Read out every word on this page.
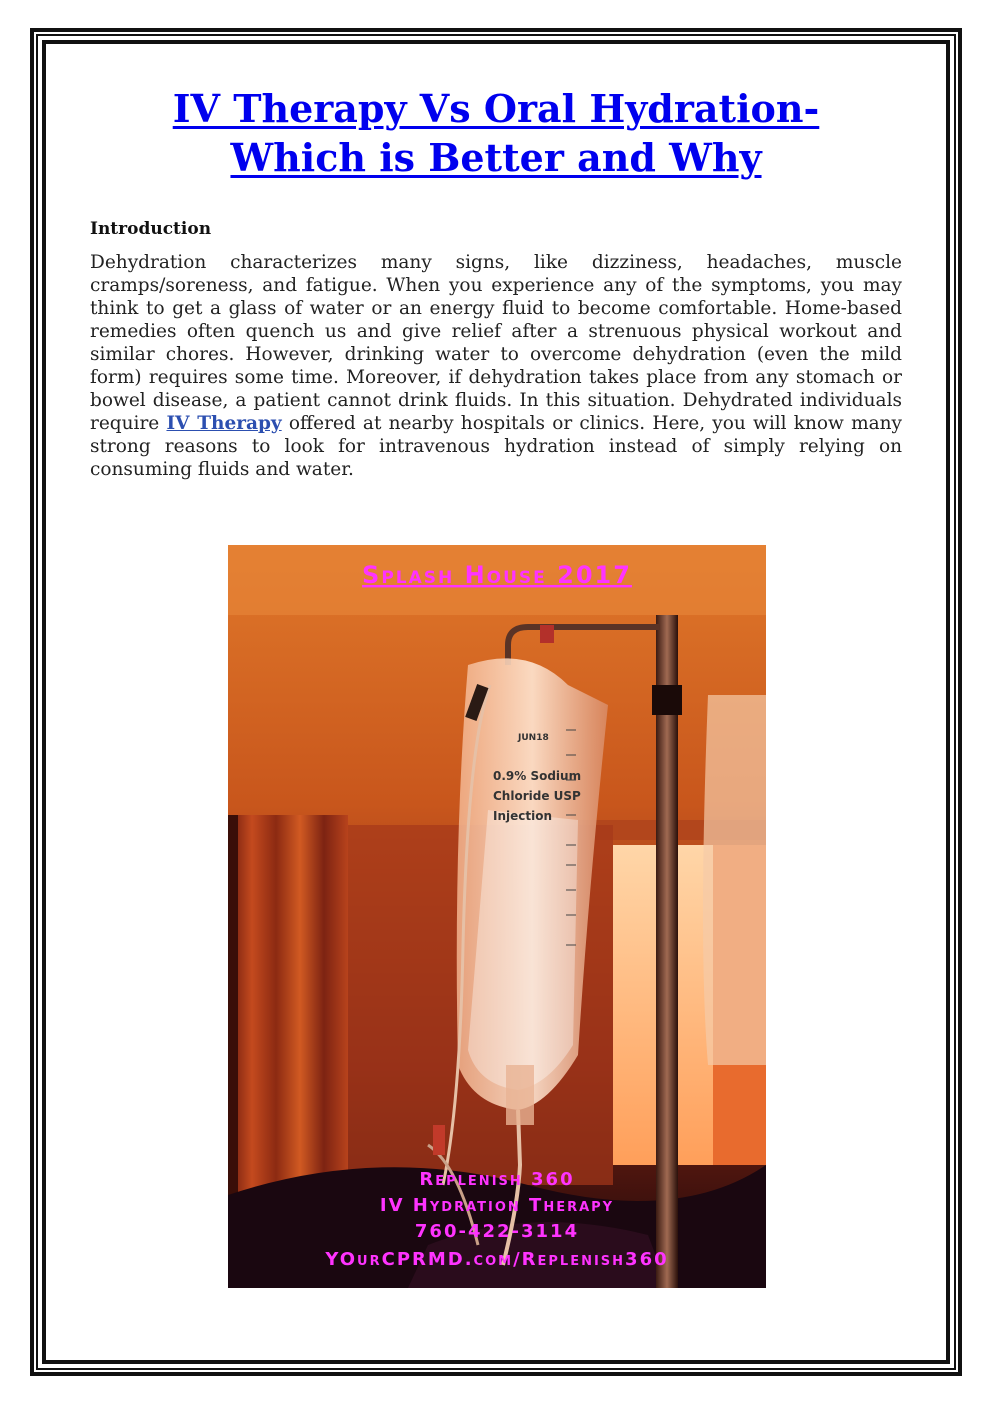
IV Therapy Vs Oral Hydration-
Which is Better and Why
Introduction

Dehydration characterizes many signs, like dizziness, headaches, muscle cramps/soreness, and fatigue. When you experience any of the symptoms, you may think to get a glass of water or an energy fluid to become comfortable. Home-based remedies often quench us and give relief after a strenuous physical workout and similar chores. However, drinking water to overcome dehydration (even the mild form) requires some time. Moreover, if dehydration takes place from any stomach or bowel disease, a patient cannot drink fluids. In this situation. Dehydrated individuals require IV Therapy offered at nearby hospitals or clinics. Here, you will know many strong reasons to look for intravenous hydration instead of simply relying on consuming fluids and water.

0.9% Sodium
Chloride USP
Injection
JUN18
Splash House 2017
Replenish 360
IV Hydration Therapy
760-422-3114
YOurCPRMD.com/Replenish360
